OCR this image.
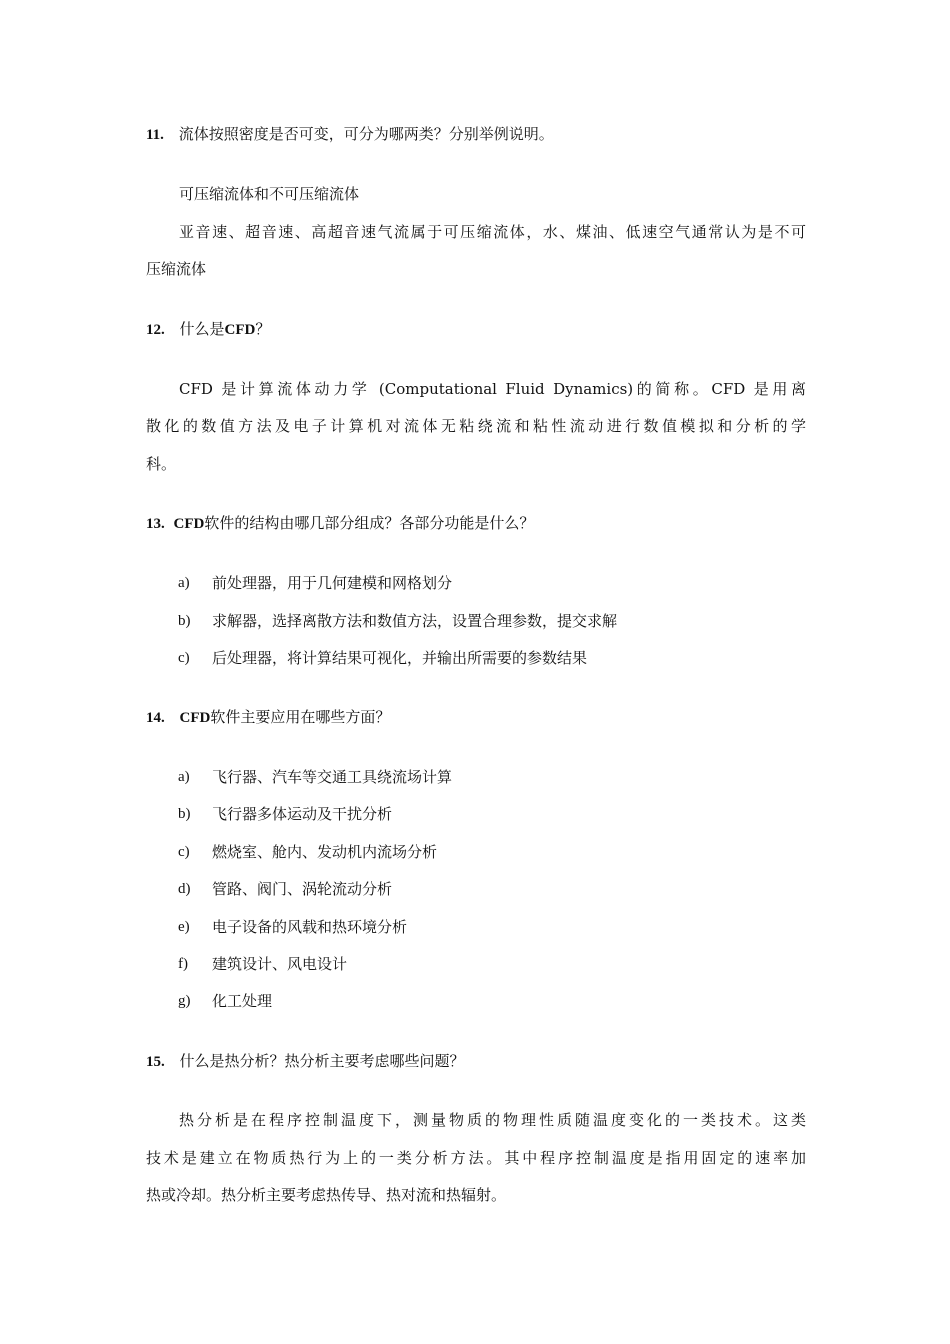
11. 流体按照密度是否可变，可分为哪两类？分别举例说明。
可压缩流体和不可压缩流体
亚音速、超音速、高超音速气流属于可压缩流体，水、煤油、低速空气通常认为是不可
压缩流体
12. 什么是CFD？
CFD 是计算流体动力学 (Computational Fluid Dynamics)的简称。CFD 是用离
散化的数值方法及电子计算机对流体无粘绕流和粘性流动进行数值模拟和分析的学
科。
13. CFD软件的结构由哪几部分组成？各部分功能是什么？
a) 前处理器，用于几何建模和网格划分
b) 求解器，选择离散方法和数值方法，设置合理参数，提交求解
c) 后处理器，将计算结果可视化，并输出所需要的参数结果
14. CFD软件主要应用在哪些方面？
a) 飞行器、汽车等交通工具绕流场计算
b) 飞行器多体运动及干扰分析
c) 燃烧室、舱内、发动机内流场分析
d) 管路、阀门、涡轮流动分析
e) 电子设备的风载和热环境分析
f) 建筑设计、风电设计
g) 化工处理
15. 什么是热分析？热分析主要考虑哪些问题？
热分析是在程序控制温度下，测量物质的物理性质随温度变化的一类技术。这类
技术是建立在物质热行为上的一类分析方法。其中程序控制温度是指用固定的速率加
热或冷却。热分析主要考虑热传导、热对流和热辐射。
